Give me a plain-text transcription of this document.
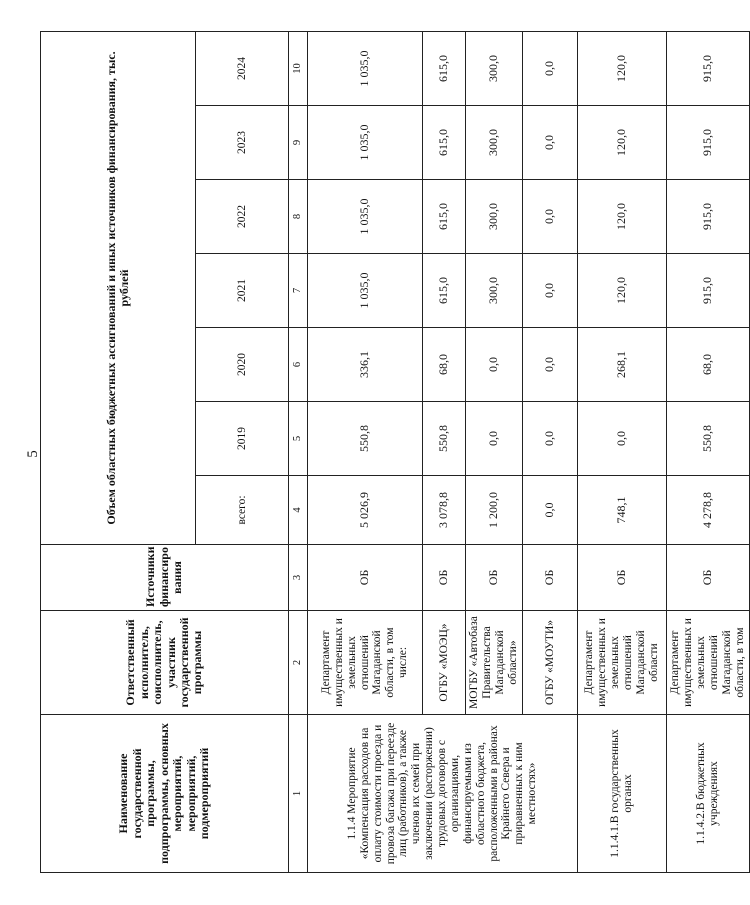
5
Наименование государственной программы, подпрограммы, основных мероприятий, мероприятий, подмероприятий	Ответственный исполнитель, соисполнитель, участник государственной программы	Источники финансиро вания	Объем областных бюджетных ассигнований и иных источников финансирования, тыс. рублей						
			всего:	2019	2020	2021	2022	2023	2024
1	2	3	4	5	6	7	8	9	10
1.1.4 Мероприятие «Компенсация расходов на оплату стоимости проезда и провоза багажа при переезде лиц (работников), а также членов их семей при заключении (расторжении) трудовых договоров с организациями, финансируемыми из областного бюджета, расположенными в районах Крайнего Севера и приравненных к ним местностях»	Департамент имущественных и земельных отношений Магаданской области, в том числе:	ОБ	5 026,9	550,8	336,1	1 035,0	1 035,0	1 035,0	1 035,0
	ОГБУ «МОЭЦ»	ОБ	3 078,8	550,8	68,0	615,0	615,0	615,0	615,0
	МОГБУ «Автобаза Правительства Магаданской области»	ОБ	1 200,0	0,0	0,0	300,0	300,0	300,0	300,0
	ОГБУ «МОУТИ»	ОБ	0,0	0,0	0,0	0,0	0,0	0,0	0,0
1.1.4.1.В государственных органах	Департамент имущественных и земельных отношений Магаданской области	ОБ	748,1	0,0	268,1	120,0	120,0	120,0	120,0
1.1.4.2.В бюджетных учреждениях	Департамент имущественных и земельных отношений Магаданской области, в том	ОБ	4 278,8	550,8	68,0	915,0	915,0	915,0	915,0
